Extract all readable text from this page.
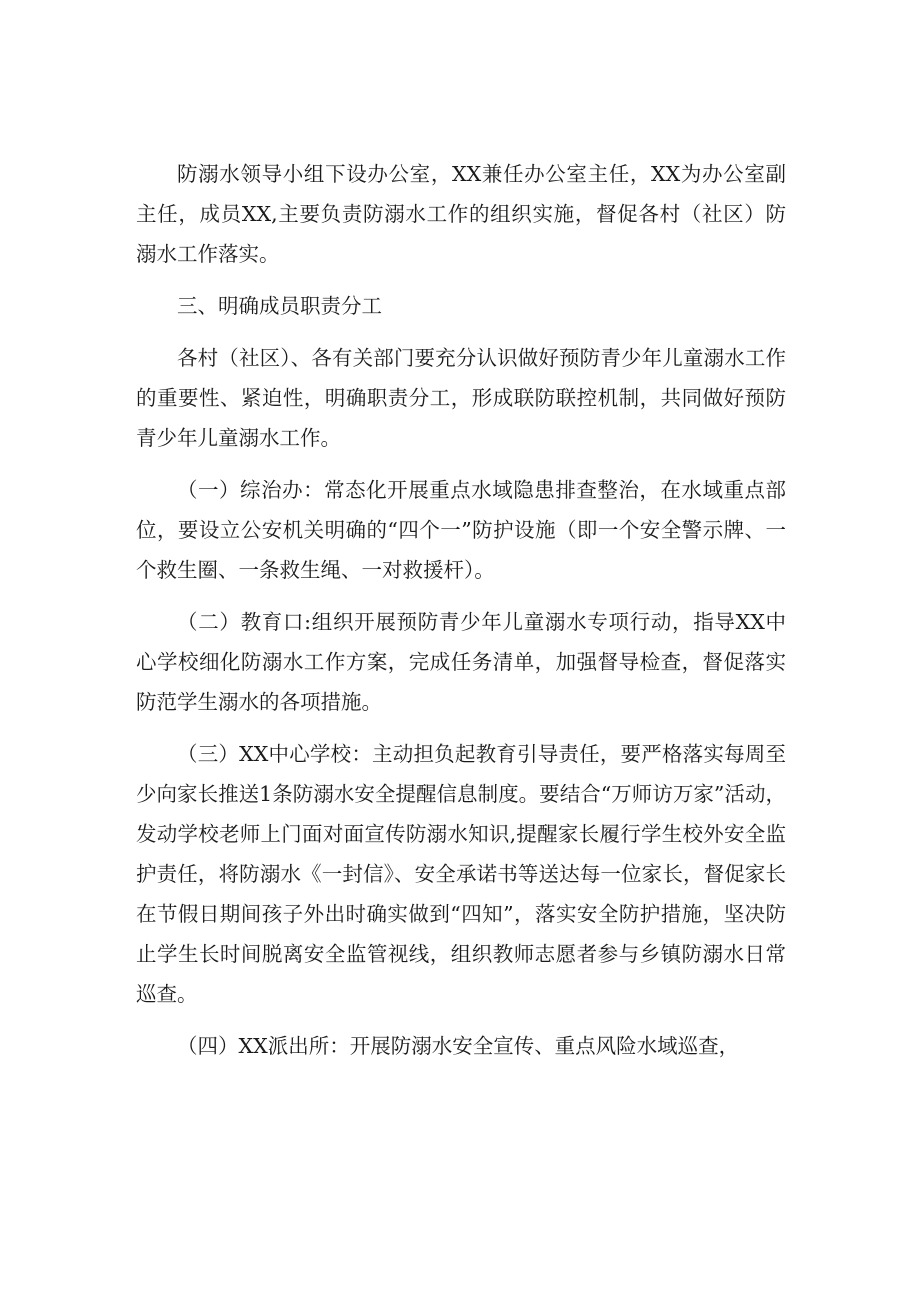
防溺水领导小组下设办公室，XX兼任办公室主任，XX为办公室副主任，成员XX,主要负责防溺水工作的组织实施，督促各村（社区）防溺水工作落实。

三、明确成员职责分工

各村（社区）、各有关部门要充分认识做好预防青少年儿童溺水工作的重要性、紧迫性，明确职责分工，形成联防联控机制，共同做好预防青少年儿童溺水工作。

（一）综治办：常态化开展重点水域隐患排查整治，在水域重点部位，要设立公安机关明确的“四个一”防护设施（即一个安全警示牌、一个救生圈、一条救生绳、一对救援杆）。

（二）教育口:组织开展预防青少年儿童溺水专项行动，指导XX中心学校细化防溺水工作方案，完成任务清单，加强督导检查，督促落实防范学生溺水的各项措施。

（三）XX中心学校：主动担负起教育引导责任，要严格落实每周至少向家长推送1条防溺水安全提醒信息制度。要结合“万师访万家”活动，发动学校老师上门面对面宣传防溺水知识,提醒家长履行学生校外安全监护责任，将防溺水《一封信》、安全承诺书等送达每一位家长，督促家长在节假日期间孩子外出时确实做到“四知”，落实安全防护措施，坚决防止学生长时间脱离安全监管视线，组织教师志愿者参与乡镇防溺水日常巡查。

（四）XX派出所：开展防溺水安全宣传、重点风险水域巡查，
